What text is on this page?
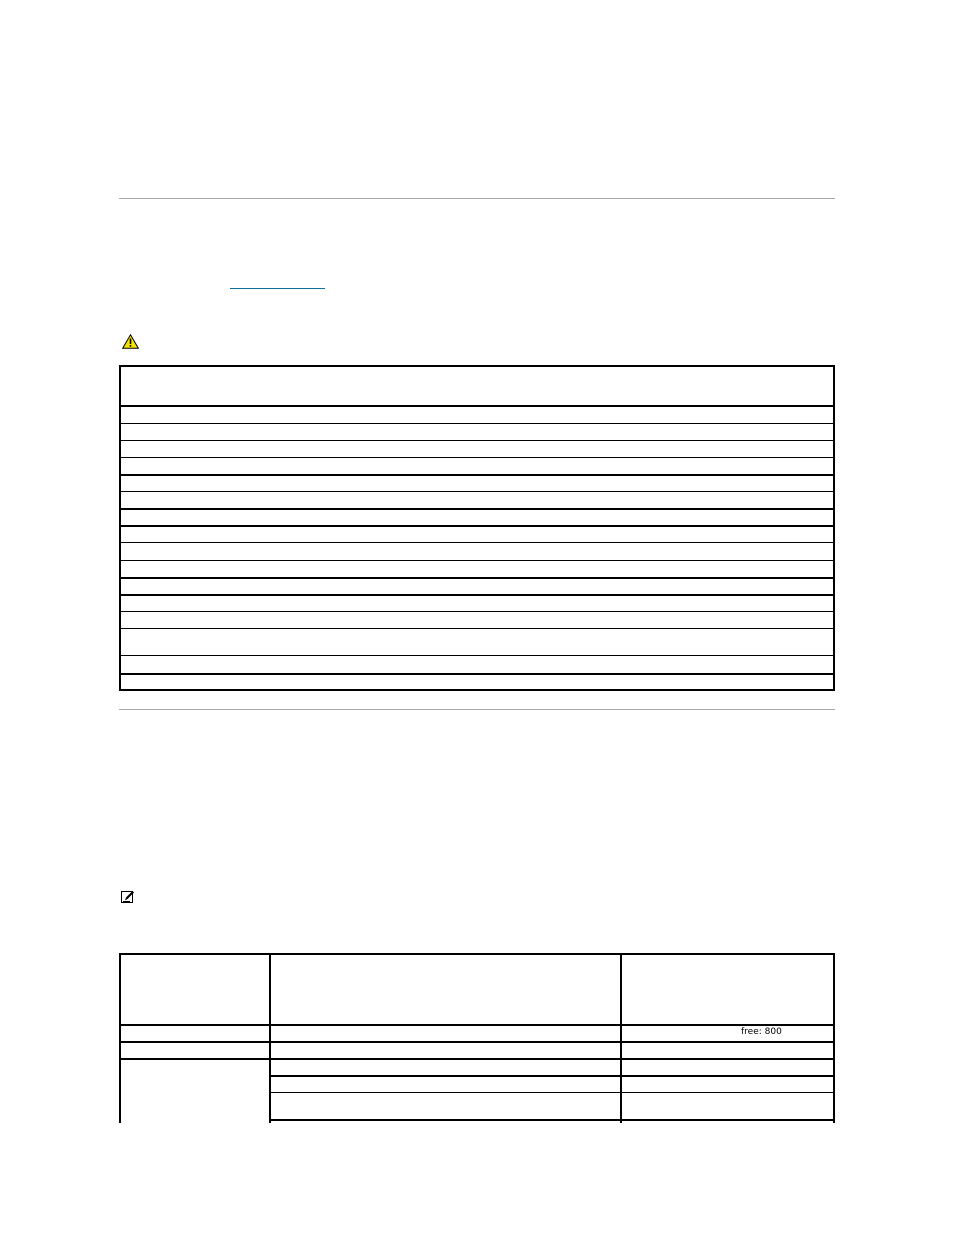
free: 800
